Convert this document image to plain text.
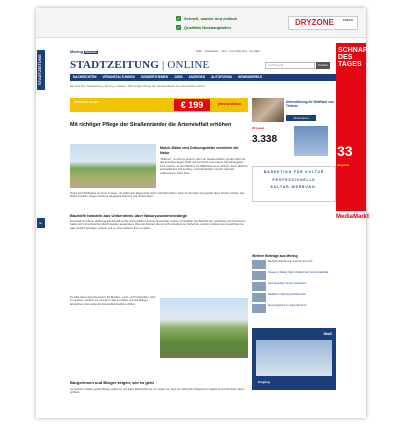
✓ Schnell, sauber und einfach
✓ Qualitäts Holzbauplatten
DRYZONE	FRESH
STADTZEITUNG
E-Paper
Mering Wechseln	Hilfe · Newsletter · Abo · Ihre Meinung · Kontakt
STADTZEITUNG | ONLINE	Suchbegriff	Suchen
NACHRICHTEN	VERANSTALTUNGEN	SONDERTHEMEN	JOBS	ANZEIGEN	AUTOFORUM	GEWINNSPIELE
Sie sind hier: Stadtzeitung › Mering › Lokales › Mit richtiger Pflege der Straßenränder die Artenvielfalt erhöhen
STARTER PAKET	€ 199	jetzt bestellen
Mit richtiger Pflege der Straßenränder die Artenvielfalt erhöhen
Mulch-Wahn und Ordnungsliebe zerstören die Natur
"Mulchen", so wird es genannt, wenn an Straßenrändern gemäht wird und das Schnittgut liegen bleibt und vermulcht. Das mag im Gemeindegarten Sinn machen, an den Rändern mit Wildwuchs ist es schlecht. Denn Mulchen auf Freiflächen und an Weg- und Ackerrändern zerstört wertvolle Lebensräume vieler Tiere.
Vielen sind Wildkräuter ein Dorn im Auge, sie wollen den Wegesrand schön ordentlich haben. Doch für die Natur sind gerade diese Streifen wichtig: Hier finden Insekten, Vögel und kleine Säugetiere Nahrung und Unterschlupf.
Bauhöfe handeln aus Unkenntnis über Naturzusammenhänge
Finanziell wird dieser größtengeteils Eingriff auf die Artenvielfalt in unseren Gemeinden schwer vermittelbar. Die Bauhöfe der Landkreise und Kommunen haben sich mit technischen Mulch-Geräten ausgerüstet. Viele der Arbeiten dienen nicht unbedingt der Sicherheit, sondern erfolgen aus Gewohnheit. Es wäre deutlich günstiger, seltener und zu einer späteren Zeit zu mähen.
Es wäre daher wünschenswert, die Bundes-, Land- und Kreisstraßen nicht zu mulchen, sondern nur einmal im Jahr zu mähen und das Mähgut abzufahren. Das würde die Artenvielfalt deutlich erhöhen.
Bürgerinnen und Bürger zeigen, wie es geht
An manchen Stellen greifen Bürger selbst ein und legen Blühstreifen an. So zeigen sie, dass ein naturnaher Wegesrand möglich ist und die Natur davon profitiert.
Unterstützung für Wolfhard von Thienen
Abonnieren
23 Leser
3.338
MARKETING FÜR KULTUR
PROFESSIONELLE
KULTUR-WERBUNG.
SCHNAPP DES TAGES
33
Angebot
MediaMarkt
Weitere Beiträge aus Mering
Die Rote Wanderung: Sommer am Lech
Frauen im Dialog: Mehr Vielfalt in der Kommunalpolitik
Jetzt bewerben für den Kulturpreis
Stadtfest in Mering lockt Besucher
Neue Angebote im Jugendzentrum
StaZ
Eingang
